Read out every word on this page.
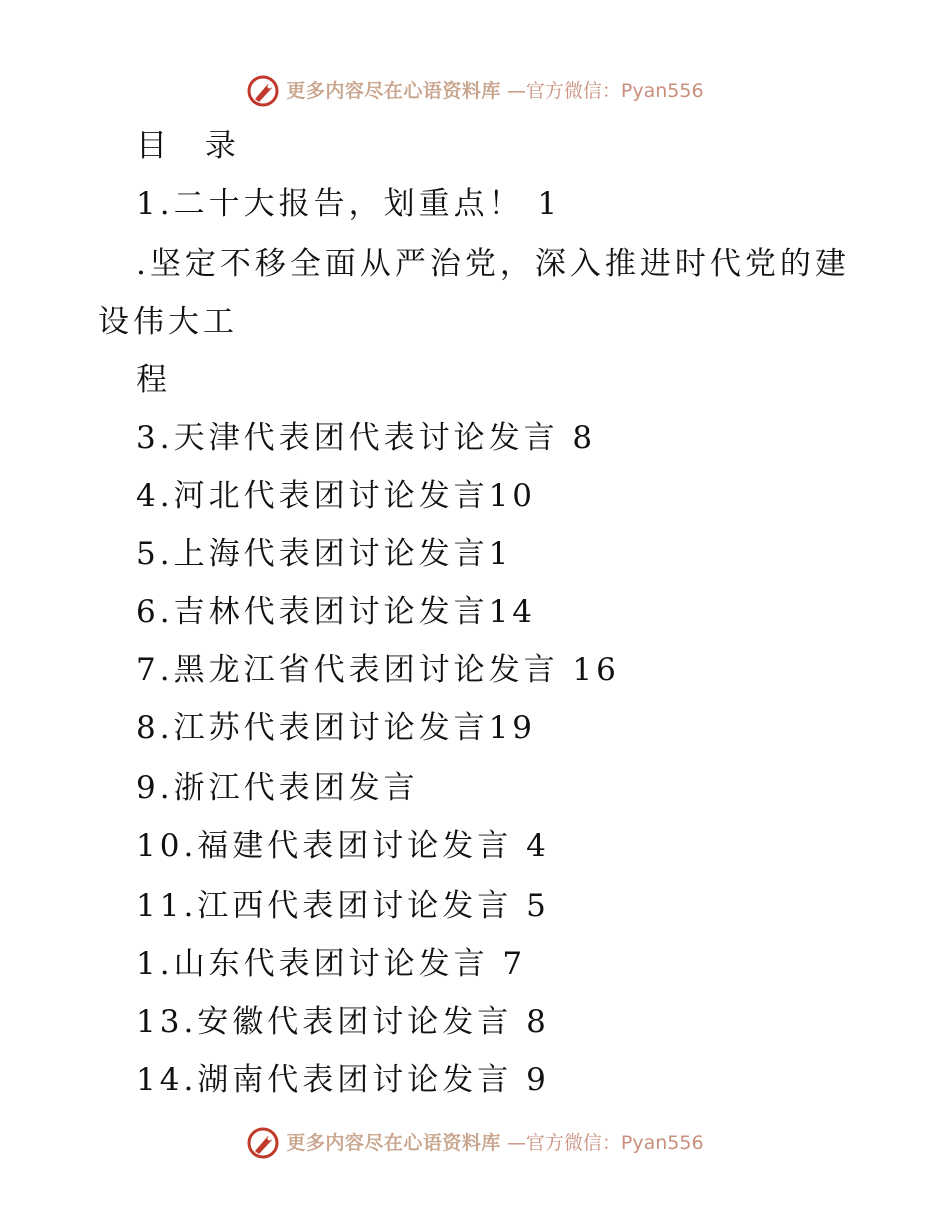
更多内容尽在心语资料库 —官方微信：Pyan556
目 录
1.二十大报告，划重点！ 1
.坚定不移全面从严治党，深入推进时代党的建
设伟大工
程
3.天津代表团代表讨论发言 8
4.河北代表团讨论发言10
5.上海代表团讨论发言1
6.吉林代表团讨论发言14
7.黑龙江省代表团讨论发言 16
8.江苏代表团讨论发言19
9.浙江代表团发言
10.福建代表团讨论发言 4
11.江西代表团讨论发言 5
1.山东代表团讨论发言 7
13.安徽代表团讨论发言 8
14.湖南代表团讨论发言 9
更多内容尽在心语资料库 —官方微信：Pyan556
